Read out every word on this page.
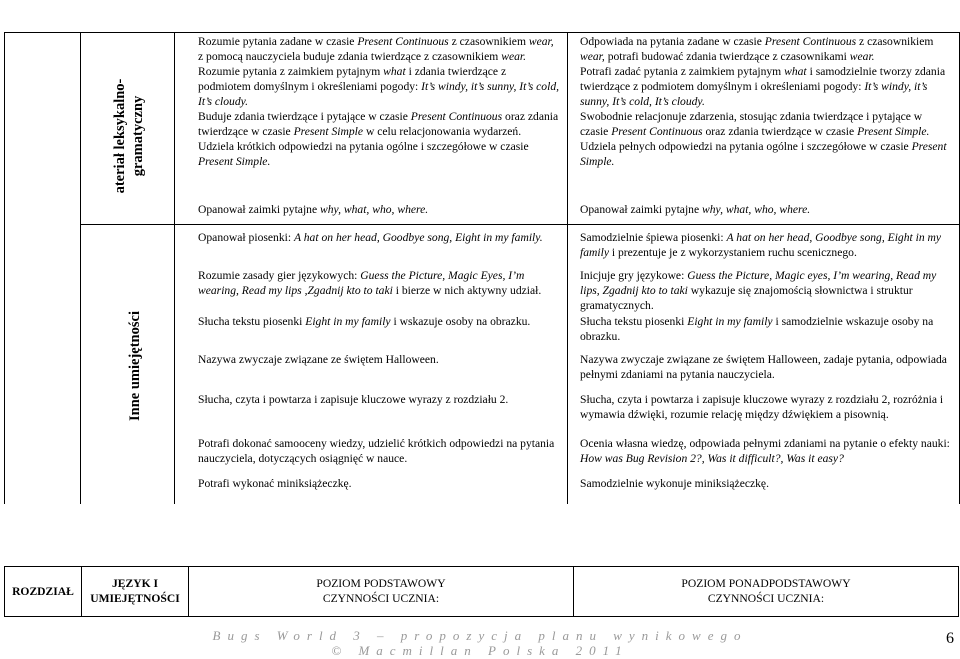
ateriał leksykalno- gramatyczny

Rozumie pytania zadane w czasie Present Continuous z czasownikiem wear, z pomocą nauczyciela buduje zdania twierdzące z czasownikiem wear.

Rozumie pytania z zaimkiem pytajnym what i zdania twierdzące z podmiotem domyślnym i określeniami pogody: It’s windy, it’s sunny, It’s cold, It’s cloudy.

Buduje zdania twierdzące i pytające w czasie Present Continuous oraz zdania twierdzące w czasie Present Simple w celu relacjonowania wydarzeń.

Udziela krótkich odpowiedzi na pytania ogólne i szczegółowe w czasie Present Simple.

Opanował zaimki pytajne why, what, who, where.

Odpowiada na pytania zadane w czasie Present Continuous z czasownikiem wear, potrafi budować zdania twierdzące z czasownikami wear.

Potrafi zadać pytania z zaimkiem pytajnym what i samodzielnie tworzy zdania twierdzące z podmiotem domyślnym i określeniami pogody: It’s windy, it’s sunny, It’s cold, It’s cloudy.

Swobodnie relacjonuje zdarzenia, stosując zdania twierdzące i pytające w czasie Present Continuous oraz zdania twierdzące w czasie Present Simple.

Udziela pełnych odpowiedzi na pytania ogólne i szczegółowe w czasie Present Simple.

Opanował zaimki pytajne why, what, who, where.
Inne umiejętności
Opanował piosenki: A hat on her head, Goodbye song, Eight in my family.
Rozumie zasady gier językowych: Guess the Picture, Magic Eyes, I’m wearing, Read my lips ,Zgadnij kto to taki i bierze w nich aktywny udział.
Słucha tekstu piosenki Eight in my family i wskazuje osoby na obrazku.
Nazywa zwyczaje związane ze świętem Halloween.
Słucha, czyta i powtarza i zapisuje kluczowe wyrazy z rozdziału 2.
Potrafi dokonać samooceny wiedzy, udzielić krótkich odpowiedzi na pytania nauczyciela, dotyczących osiągnięć w nauce.
Potrafi wykonać miniksiążeczkę.
Samodzielnie śpiewa piosenki: A hat on her head, Goodbye song, Eight in my family i prezentuje je z wykorzystaniem ruchu scenicznego.
Inicjuje gry językowe: Guess the Picture, Magic eyes, I’m wearing, Read my lips, Zgadnij kto to taki wykazuje się znajomością słownictwa i struktur gramatycznych.
Słucha tekstu piosenki Eight in my family i samodzielnie wskazuje osoby na obrazku.
Nazywa zwyczaje związane ze świętem Halloween, zadaje pytania, odpowiada pełnymi zdaniami na pytania nauczyciela.
Słucha, czyta i powtarza i zapisuje kluczowe wyrazy z rozdziału 2, rozróżnia i wymawia dźwięki, rozumie relację między dźwiękiem a pisownią.
Ocenia własna wiedzę, odpowiada pełnymi zdaniami na pytanie o efekty nauki: How was Bug Revision 2?, Was it difficult?, Was it easy?
Samodzielnie wykonuje miniksiążeczkę.
ROZDZIAŁ
JĘZYK I
UMIEJĘTNOŚCI
POZIOM PODSTAWOWY
CZYNNOŚCI UCZNIA:
POZIOM PONADPODSTAWOWY
CZYNNOŚCI UCZNIA:
Bugs World 3 – propozycja planu wynikowego
© Macmillan Polska 2011
6
